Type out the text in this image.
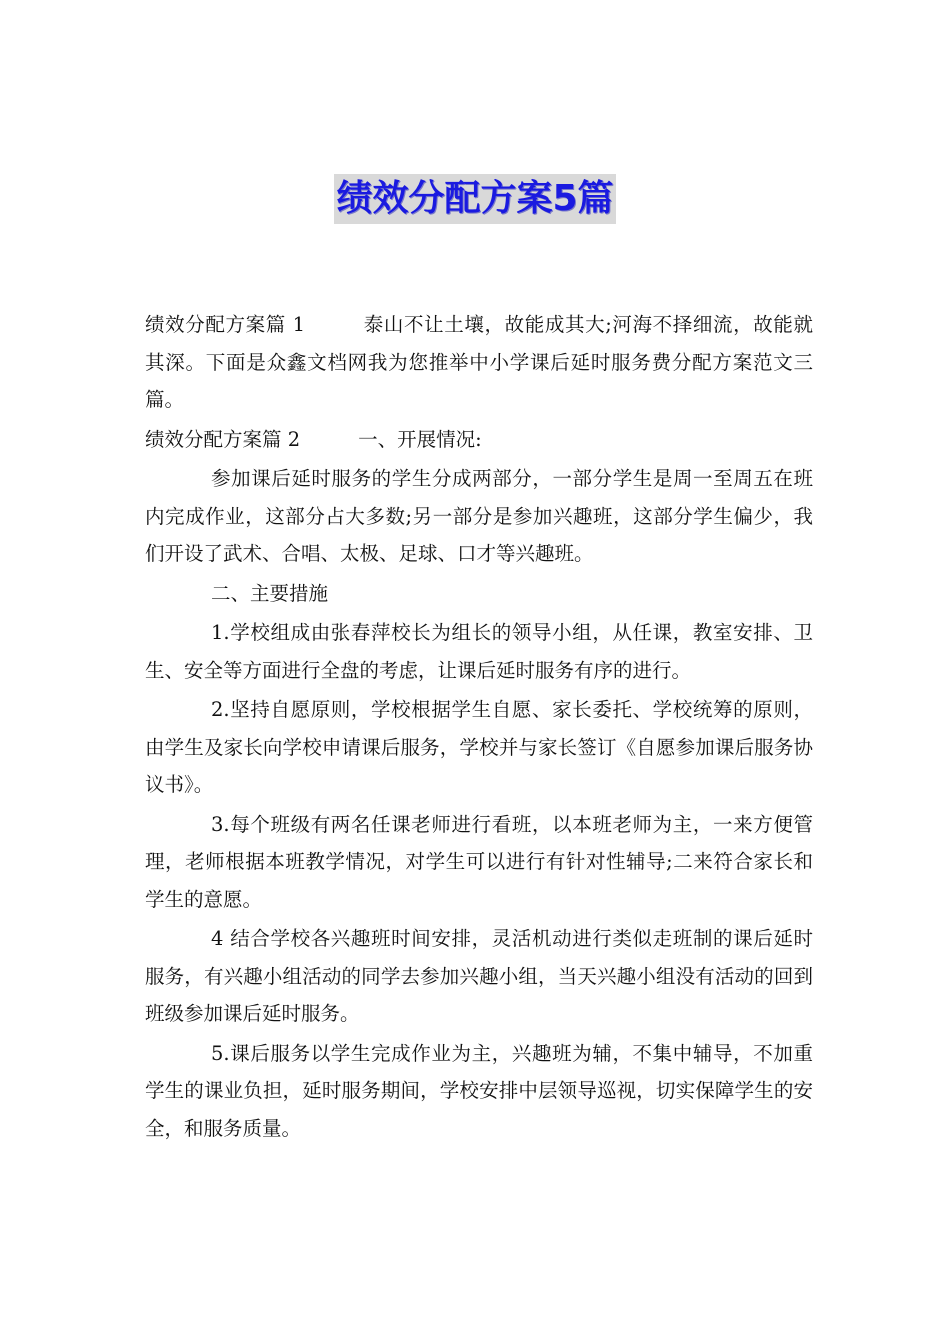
绩效分配方案5篇

绩效分配方案篇 1	泰山不让土壤，故能成其大;河海不择细流，故能就其深。下面是众鑫文档网我为您推举中小学课后延时服务费分配方案范文三篇。

绩效分配方案篇 2	一、开展情况:

参加课后延时服务的学生分成两部分，一部分学生是周一至周五在班内完成作业，这部分占大多数;另一部分是参加兴趣班，这部分学生偏少，我们开设了武术、合唱、太极、足球、口才等兴趣班。

二、主要措施

1.学校组成由张春萍校长为组长的领导小组，从任课，教室安排、卫生、安全等方面进行全盘的考虑，让课后延时服务有序的进行。

2.坚持自愿原则，学校根据学生自愿、家长委托、学校统筹的原则，由学生及家长向学校申请课后服务，学校并与家长签订《自愿参加课后服务协议书》。

3.每个班级有两名任课老师进行看班，以本班老师为主，一来方便管理，老师根据本班教学情况，对学生可以进行有针对性辅导;二来符合家长和学生的意愿。

4 结合学校各兴趣班时间安排，灵活机动进行类似走班制的课后延时服务，有兴趣小组活动的同学去参加兴趣小组，当天兴趣小组没有活动的回到班级参加课后延时服务。

5.课后服务以学生完成作业为主，兴趣班为辅，不集中辅导，不加重学生的课业负担，延时服务期间，学校安排中层领导巡视，切实保障学生的安全，和服务质量。
